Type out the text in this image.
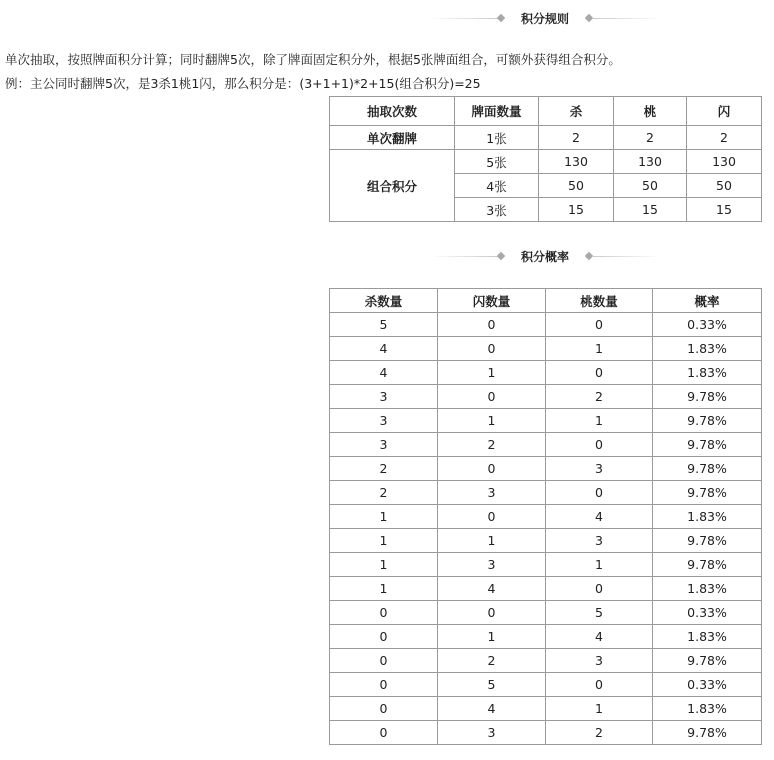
积分规则
单次抽取，按照牌面积分计算；同时翻牌5次，除了牌面固定积分外，根据5张牌面组合，可额外获得组合积分。
例：主公同时翻牌5次，是3杀1桃1闪，那么积分是：(3+1+1)*2+15(组合积分)=25
抽取次数	牌面数量	杀	桃	闪
单次翻牌	1张	2	2	2
组合积分	5张	130	130	130
	4张	50	50	50
	3张	15	15	15
积分概率
杀数量	闪数量	桃数量	概率
5	0	0	0.33%
4	0	1	1.83%
4	1	0	1.83%
3	0	2	9.78%
3	1	1	9.78%
3	2	0	9.78%
2	0	3	9.78%
2	3	0	9.78%
1	0	4	1.83%
1	1	3	9.78%
1	3	1	9.78%
1	4	0	1.83%
0	0	5	0.33%
0	1	4	1.83%
0	2	3	9.78%
0	5	0	0.33%
0	4	1	1.83%
0	3	2	9.78%
